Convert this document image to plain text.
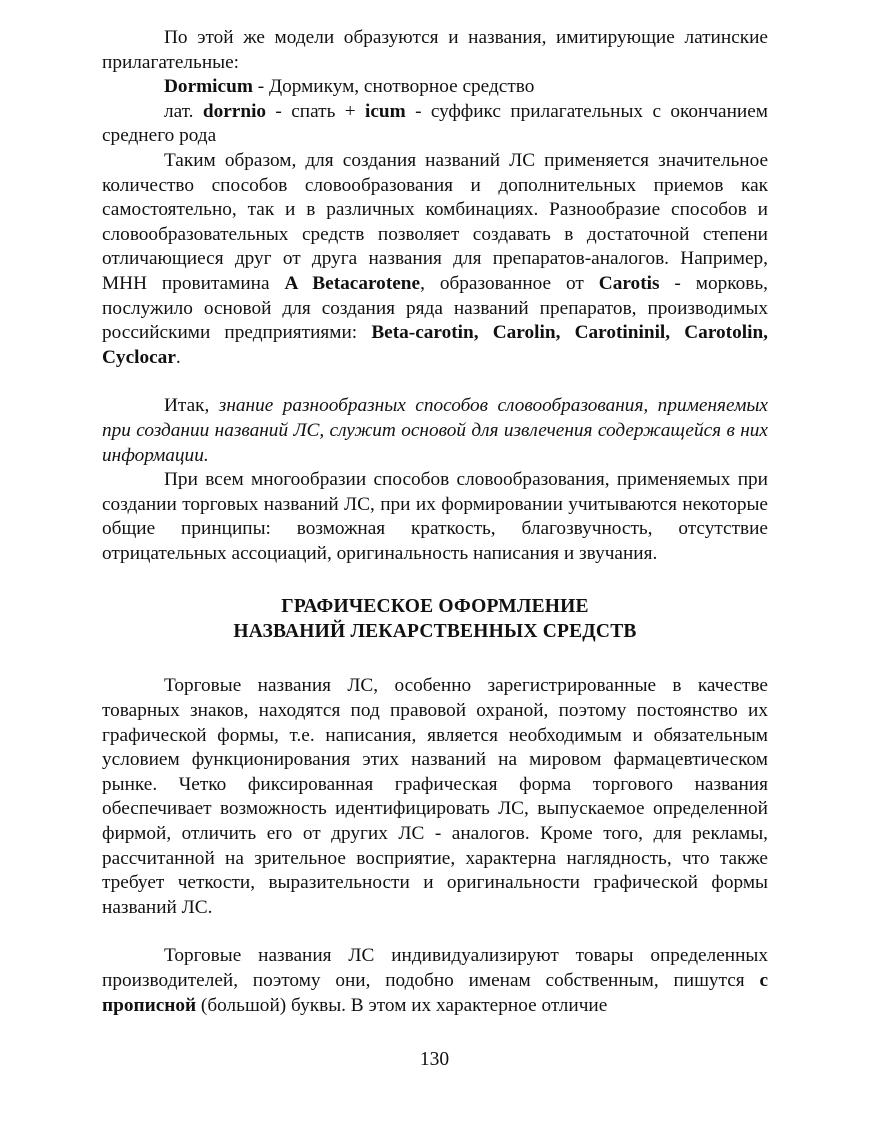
По этой же модели образуются и названия, имитирующие латинские прилагательные:

Dormicum - Дормикум, снотворное средство

лат. dorrnio - спать + icum - суффикс прилагательных с окончанием среднего рода

Таким образом, для создания названий ЛС применяется значительное количество способов словообразования и дополнительных приемов как самостоятельно, так и в различных комбинациях. Разнообразие способов и словообразовательных средств позволяет создавать в достаточной степени отличающиеся друг от друга названия для препаратов-аналогов. Например, МНН провитамина A Betacarotene, образованное от Carotis - морковь, послужило основой для создания ряда названий препаратов, производимых российскими предприятиями: Beta-carotin, Carolin, Carotininil, Carotolin, Cyclocar.

Итак, знание разнообразных способов словообразования, применяемых при создании названий ЛС, служит основой для извлечения содержащейся в них информации.

При всем многообразии способов словообразования, применяемых при создании торговых названий ЛС, при их формировании учитываются некоторые общие принципы: возможная краткость, благозвучность, отсутствие отрицательных ассоциаций, оригинальность написания и звучания.

ГРАФИЧЕСКОЕ ОФОРМЛЕНИЕ
НАЗВАНИЙ ЛЕКАРСТВЕННЫХ СРЕДСТВ

Торговые названия ЛС, особенно зарегистрированные в качестве товарных знаков, находятся под правовой охраной, поэтому постоянство их графической формы, т.е. написания, является необходимым и обязательным условием функционирования этих названий на мировом фармацевтическом рынке. Четко фиксированная графическая форма торгового названия обеспечивает возможность идентифицировать ЛС, выпускаемое определенной фирмой, отличить его от других ЛС - аналогов. Кроме того, для рекламы, рассчитанной на зрительное восприятие, характерна наглядность, что также требует четкости, выразительности и оригинальности графической формы названий ЛС.

Торговые названия ЛС индивидуализируют товары определенных производителей, поэтому они, подобно именам собственным, пишутся с прописной (большой) буквы. В этом их характерное отличие

130
